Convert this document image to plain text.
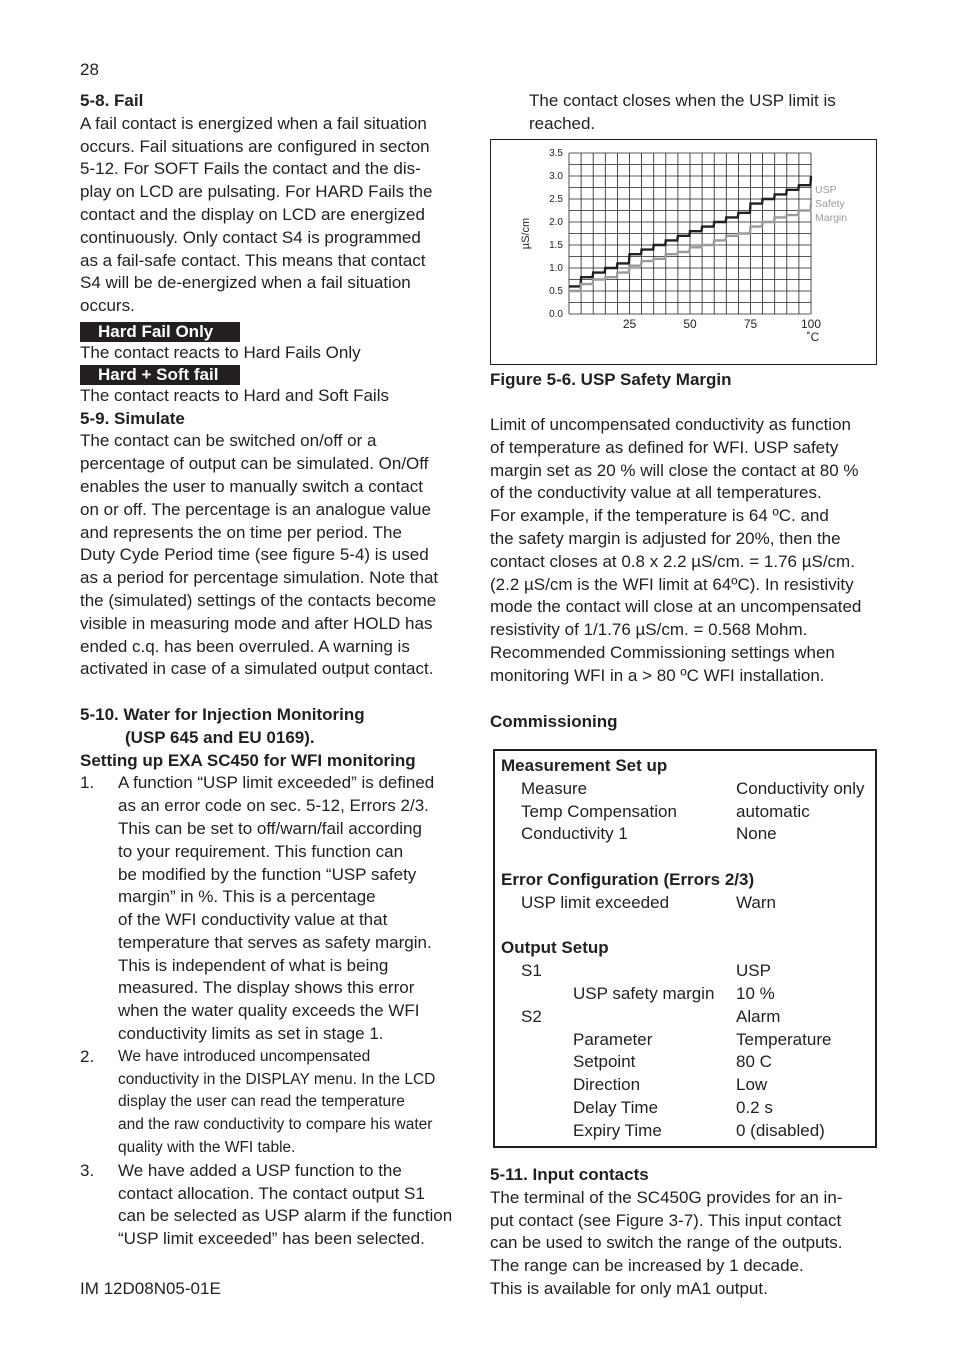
28
5-8. Fail
A fail contact is energized when a fail situation
occurs. Fail situations are configured in secton
5-12. For SOFT Fails the contact and the dis-
play on LCD are pulsating. For HARD Fails the
contact and the display on LCD are energized
continuously. Only contact S4 is programmed
as a fail-safe contact. This means that contact
S4 will be de-energized when a fail situation
occurs.
Hard Fail Only
The contact reacts to Hard Fails Only
Hard + Soft fail
The contact reacts to Hard and Soft Fails
5-9. Simulate
The contact can be switched on/off or a
percentage of output can be simulated. On/Off
enables the user to manually switch a contact
on or off. The percentage is an analogue value
and represents the on time per period. The
Duty Cyde Period time (see figure 5-4) is used
as a period for percentage simulation. Note that
the (simulated) settings of the contacts become
visible in measuring mode and after HOLD has
ended c.q. has been overruled. A warning is
activated in case of a simulated output contact.
5-10. Water for Injection Monitoring
(USP 645 and EU 0169).
Setting up EXA SC450 for WFI monitoring
1. A function “USP limit exceeded” is defined
as an error code on sec. 5-12, Errors 2/3.
This can be set to off/warn/fail according
to your requirement. This function can
be modified by the function “USP safety
margin” in %. This is a percentage
of the WFI conductivity value at that
temperature that serves as safety margin.
This is independent of what is being
measured. The display shows this error
when the water quality exceeds the WFI
conductivity limits as set in stage 1.
2. We have introduced uncompensated
conductivity in the DISPLAY menu. In the LCD
display the user can read the temperature
and the raw conductivity to compare his water
quality with the WFI table.
3. We have added a USP function to the
contact allocation. The contact output S1
can be selected as USP alarm if the function
“USP limit exceeded” has been selected.
IM 12D08N05-01E
The contact closes when the USP limit is
reached.
0.0
0.5
1.0
1.5
2.0
2.5
3.0
3.5
25	50	75	100
µS/cm
˚C
USP
Safety
Margin
Figure 5-6. USP Safety Margin
Limit of uncompensated conductivity as function
of temperature as defined for WFI. USP safety
margin set as 20 % will close the contact at 80 %
of the conductivity value at all temperatures.
For example, if the temperature is 64 ºC. and
the safety margin is adjusted for 20%, then the
contact closes at 0.8 x 2.2 µS/cm. = 1.76 µS/cm.
(2.2 µS/cm is the WFI limit at 64ºC). In resistivity
mode the contact will close at an uncompensated
resistivity of 1/1.76 µS/cm. = 0.568 Mohm.
Recommended Commissioning settings when
monitoring WFI in a > 80 ºC WFI installation.
Commissioning
Measurement Set up
Measure	Conductivity only
Temp Compensation	automatic
Conductivity 1	None
Error Configuration (Errors 2/3)
USP limit exceeded	Warn
Output Setup
S1	USP
USP safety margin 10 %
S2	Alarm
Parameter	Temperature
Setpoint	80 C
Direction	Low
Delay Time	0.2 s
Expiry Time	0 (disabled)
5-11. Input contacts
The terminal of the SC450G provides for an in-
put contact (see Figure 3-7). This input contact
can be used to switch the range of the outputs.
The range can be increased by 1 decade.
This is available for only mA1 output.
